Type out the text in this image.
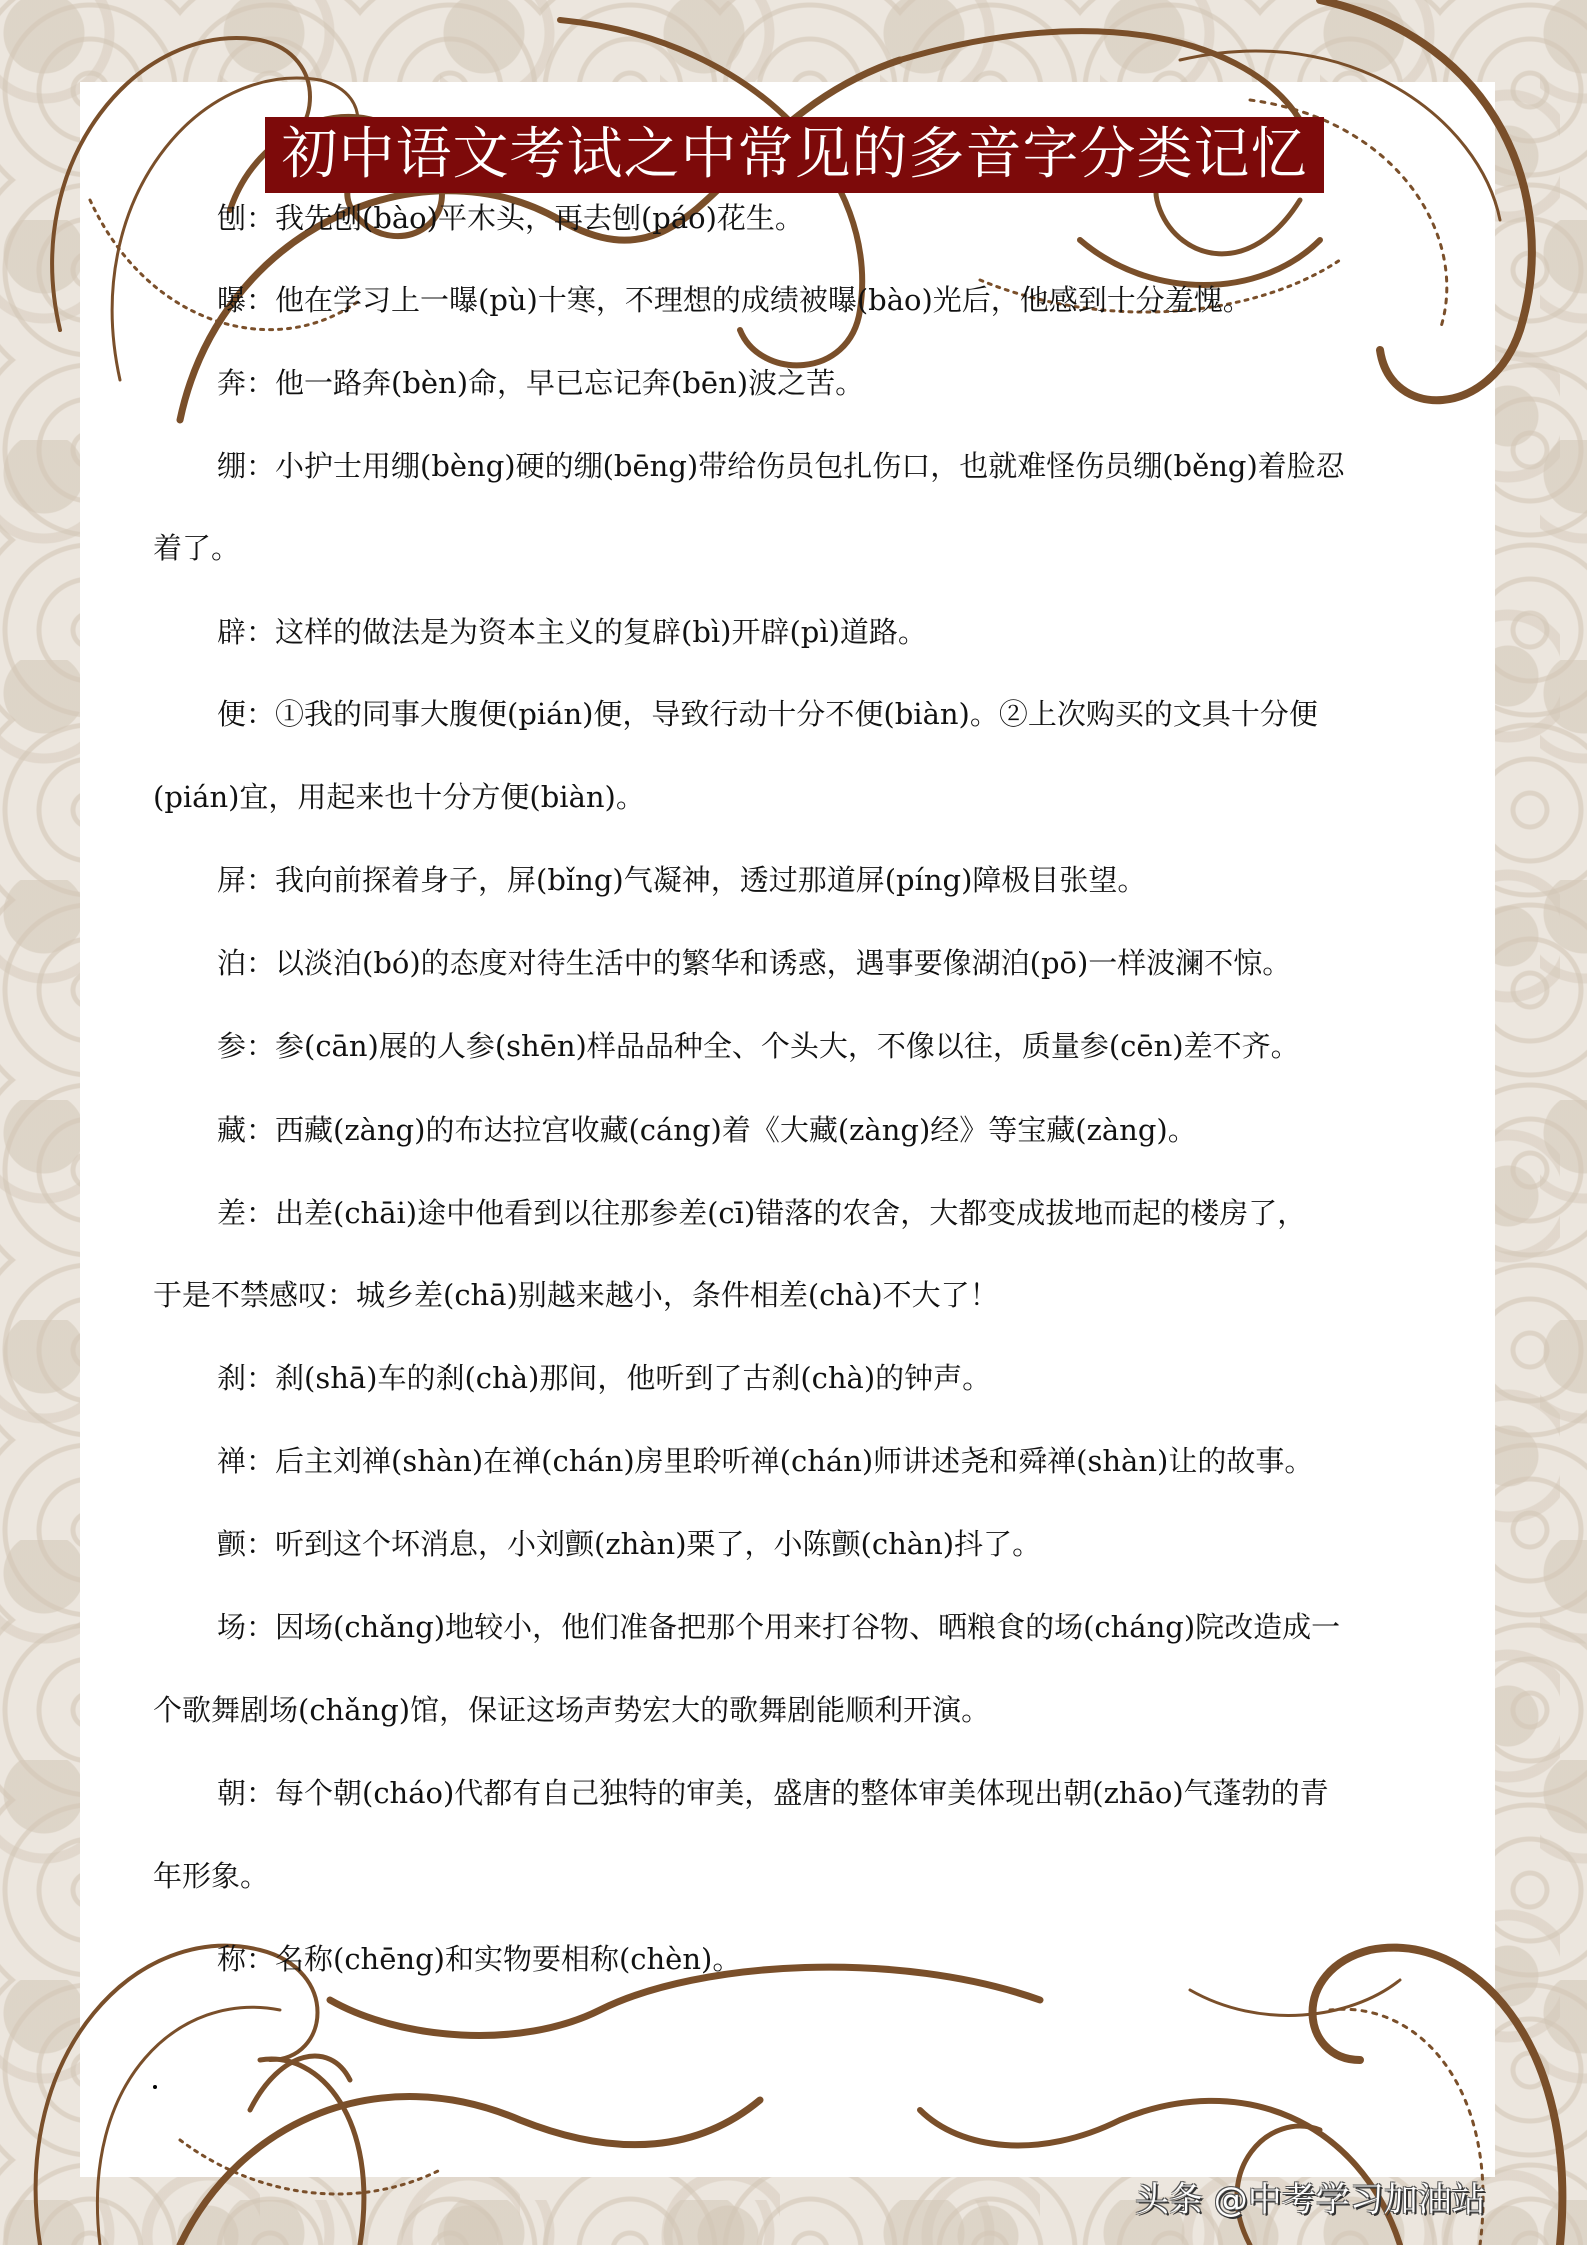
初中语文考试之中常见的多音字分类记忆
刨：我先刨(bào)平木头，再去刨(páo)花生。
曝：他在学习上一曝(pù)十寒，不理想的成绩被曝(bào)光后，他感到十分羞愧。
奔：他一路奔(bèn)命，早已忘记奔(bēn)波之苦。
绷：小护士用绷(bèng)硬的绷(bēng)带给伤员包扎伤口，也就难怪伤员绷(běng)着脸忍
着了。
辟：这样的做法是为资本主义的复辟(bì)开辟(pì)道路。
便：①我的同事大腹便(pián)便，导致行动十分不便(biàn)。②上次购买的文具十分便
(pián)宜，用起来也十分方便(biàn)。
屏：我向前探着身子，屏(bǐng)气凝神，透过那道屏(píng)障极目张望。
泊：以淡泊(bó)的态度对待生活中的繁华和诱惑，遇事要像湖泊(pō)一样波澜不惊。
参：参(cān)展的人参(shēn)样品品种全、个头大，不像以往，质量参(cēn)差不齐。
藏：西藏(zàng)的布达拉宫收藏(cáng)着《大藏(zàng)经》等宝藏(zàng)。
差：出差(chāi)途中他看到以往那参差(cī)错落的农舍，大都变成拔地而起的楼房了，
于是不禁感叹：城乡差(chā)别越来越小，条件相差(chà)不大了！
刹：刹(shā)车的刹(chà)那间，他听到了古刹(chà)的钟声。
禅：后主刘禅(shàn)在禅(chán)房里聆听禅(chán)师讲述尧和舜禅(shàn)让的故事。
颤：听到这个坏消息，小刘颤(zhàn)栗了，小陈颤(chàn)抖了。
场：因场(chǎng)地较小，他们准备把那个用来打谷物、晒粮食的场(cháng)院改造成一
个歌舞剧场(chǎng)馆，保证这场声势宏大的歌舞剧能顺利开演。
朝：每个朝(cháo)代都有自己独特的审美，盛唐的整体审美体现出朝(zhāo)气蓬勃的青
年形象。
称：名称(chēng)和实物要相称(chèn)。
头条 @中考学习加油站
